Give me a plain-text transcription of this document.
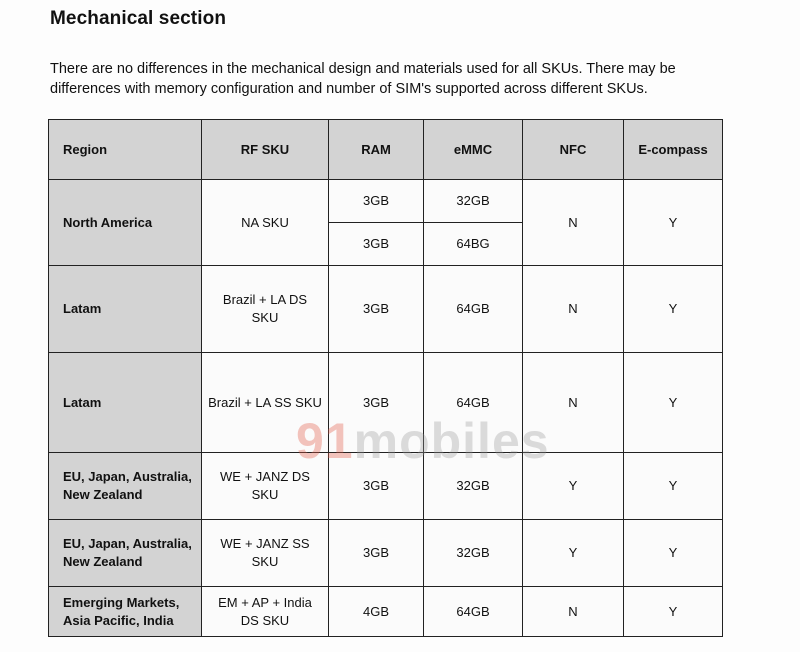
Mechanical section
There are no differences in the mechanical design and materials used for all SKUs. There may be differences with memory configuration and number of SIM's supported across different SKUs.
Region	RF SKU	RAM	eMMC	NFC	E-compass
North America	NA SKU	3GB	32GB	N	Y
		3GB	64BG		
Latam	Brazil + LA DS SKU	3GB	64GB	N	Y
Latam	Brazil + LA SS SKU	3GB	64GB	N	Y
EU, Japan, Australia, New Zealand	WE + JANZ DS SKU	3GB	32GB	Y	Y
EU, Japan, Australia, New Zealand	WE + JANZ SS SKU	3GB	32GB	Y	Y
Emerging Markets, Asia Pacific, India	EM + AP + India DS SKU	4GB	64GB	N	Y
91mobiles
